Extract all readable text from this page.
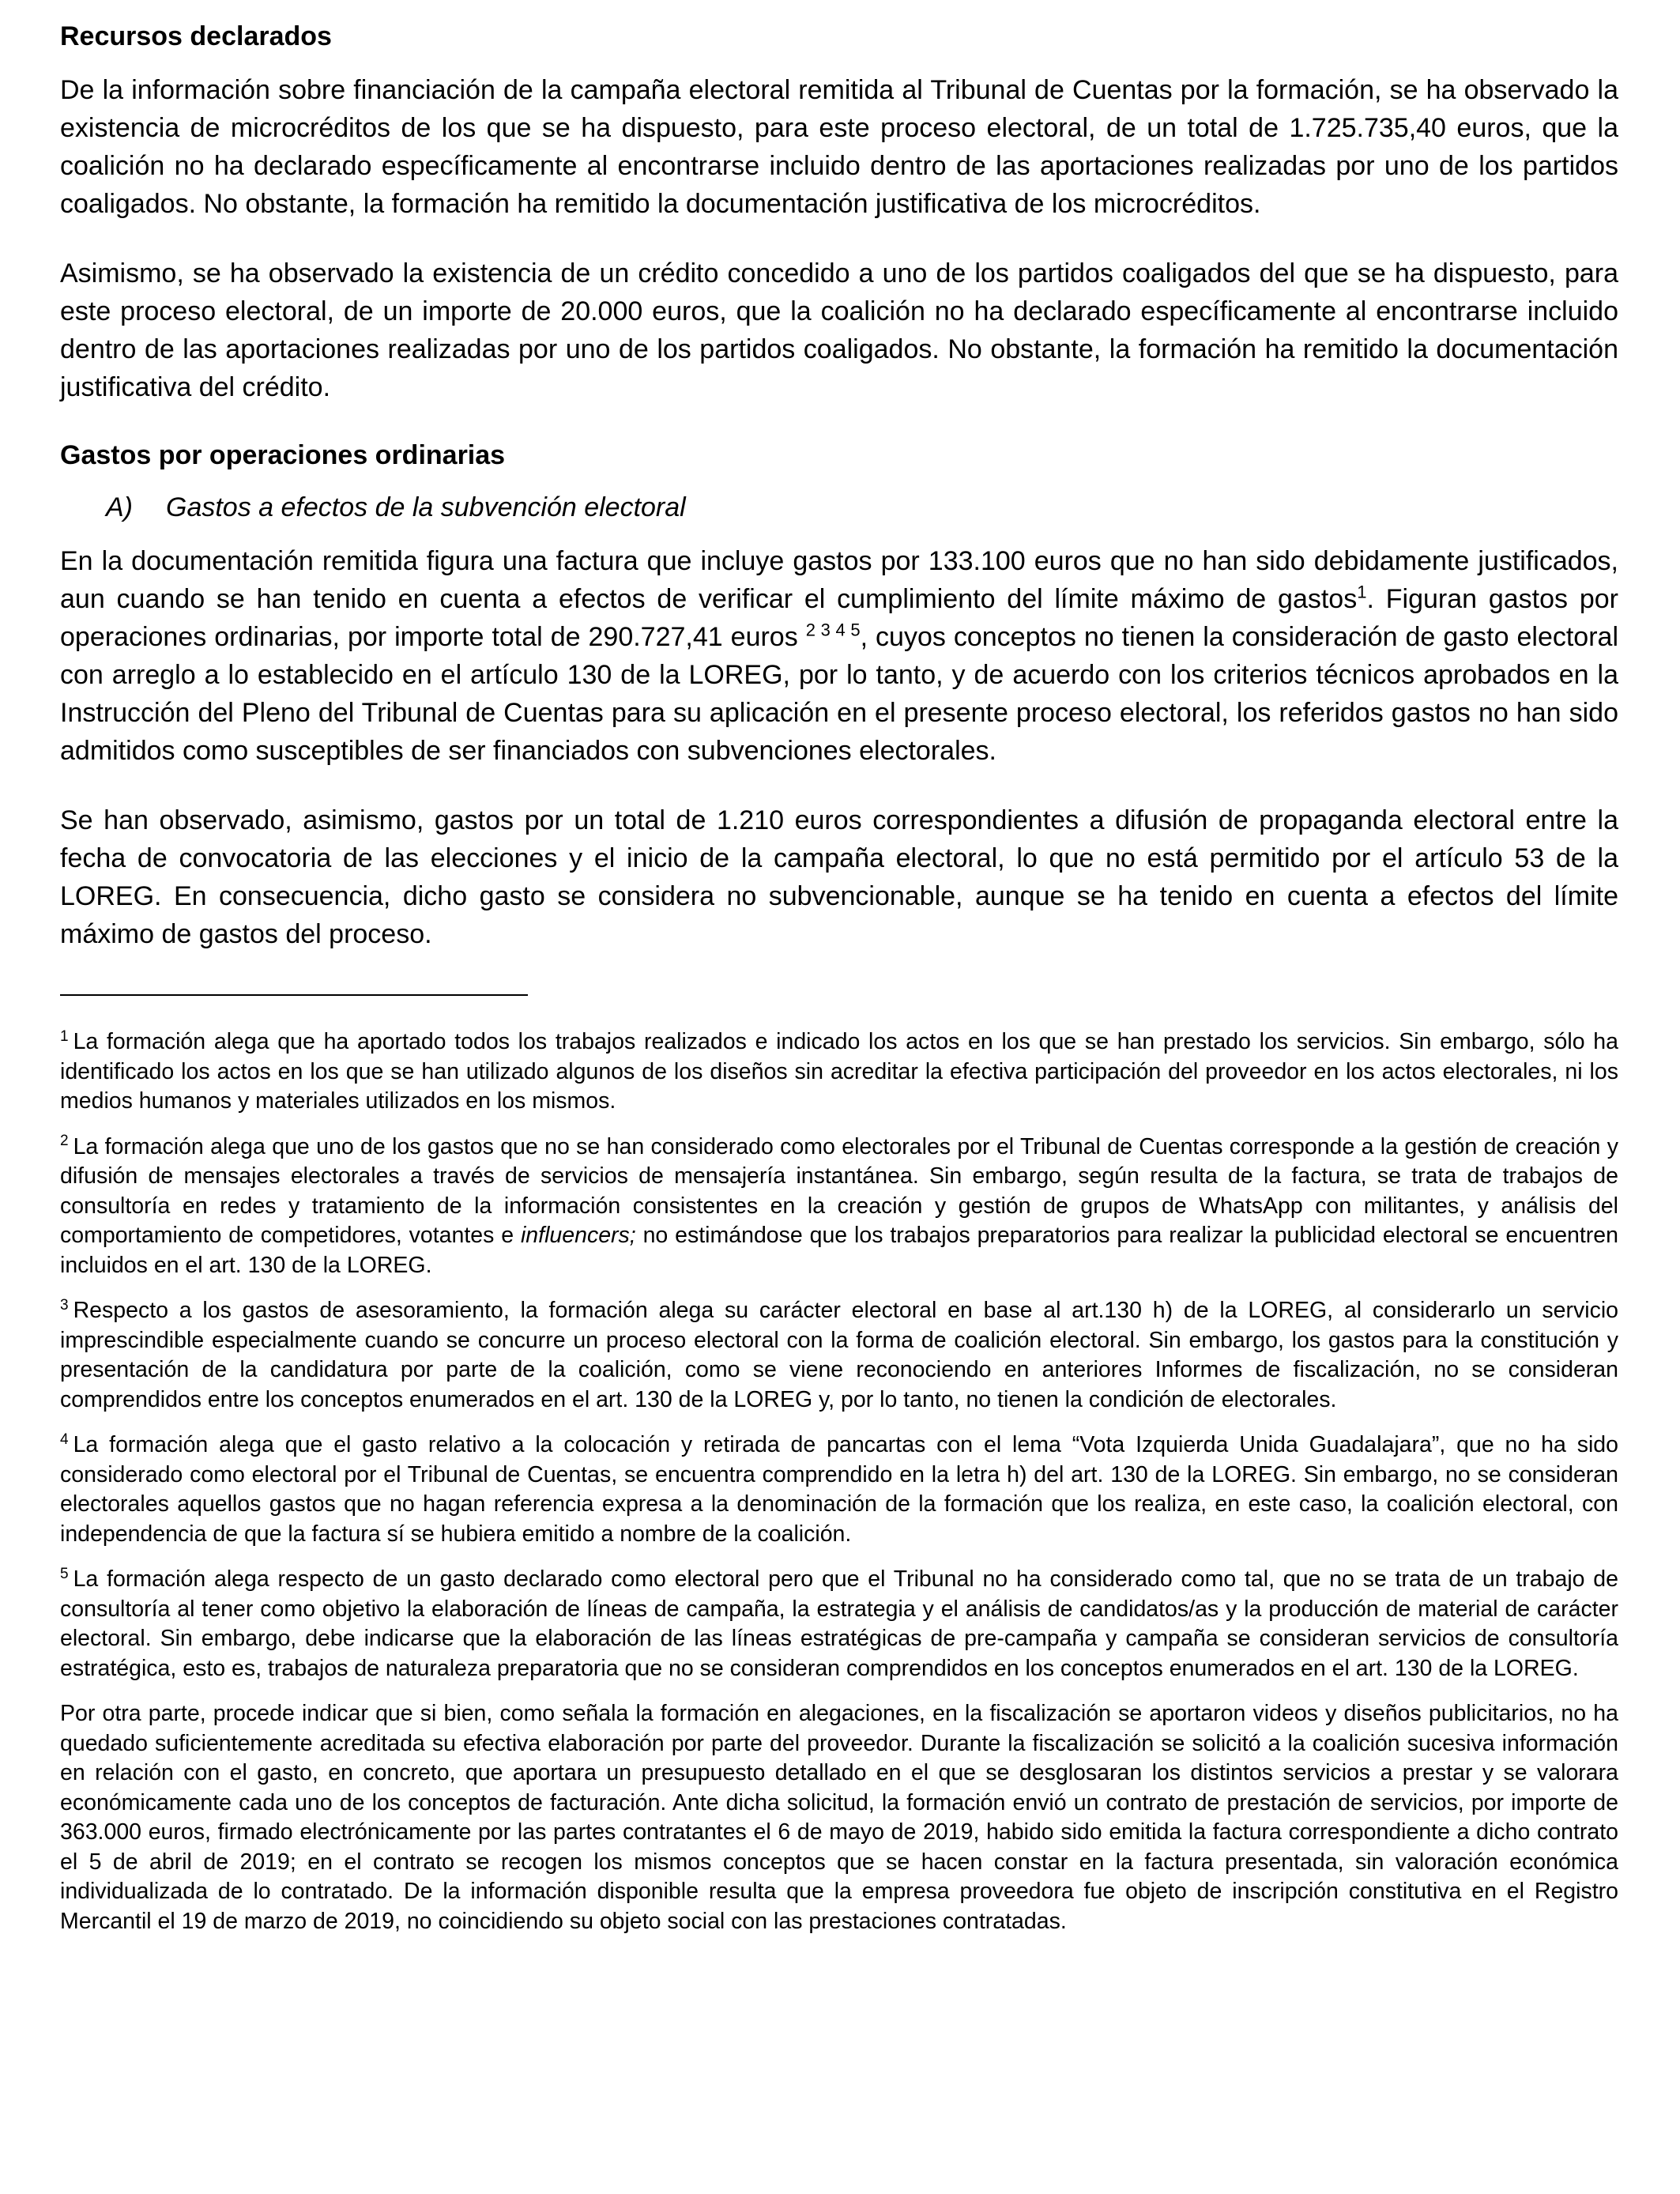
Recursos declarados

De la información sobre financiación de la campaña electoral remitida al Tribunal de Cuentas por la formación, se ha observado la existencia de microcréditos de los que se ha dispuesto, para este proceso electoral, de un total de 1.725.735,40 euros, que la coalición no ha declarado específicamente al encontrarse incluido dentro de las aportaciones realizadas por uno de los partidos coaligados. No obstante, la formación ha remitido la documentación justificativa de los microcréditos.

Asimismo, se ha observado la existencia de un crédito concedido a uno de los partidos coaligados del que se ha dispuesto, para este proceso electoral, de un importe de 20.000 euros, que la coalición no ha declarado específicamente al encontrarse incluido dentro de las aportaciones realizadas por uno de los partidos coaligados. No obstante, la formación ha remitido la documentación justificativa del crédito.

Gastos por operaciones ordinarias

A) Gastos a efectos de la subvención electoral

En la documentación remitida figura una factura que incluye gastos por 133.100 euros que no han sido debidamente justificados, aun cuando se han tenido en cuenta a efectos de verificar el cumplimiento del límite máximo de gastos$^1$. Figuran gastos por operaciones ordinarias, por importe total de 290.727,41 euros $^{2 3 4 5}$, cuyos conceptos no tienen la consideración de gasto electoral con arreglo a lo establecido en el artículo 130 de la LOREG, por lo tanto, y de acuerdo con los criterios técnicos aprobados en la Instrucción del Pleno del Tribunal de Cuentas para su aplicación en el presente proceso electoral, los referidos gastos no han sido admitidos como susceptibles de ser financiados con subvenciones electorales.

Se han observado, asimismo, gastos por un total de 1.210 euros correspondientes a difusión de propaganda electoral entre la fecha de convocatoria de las elecciones y el inicio de la campaña electoral, lo que no está permitido por el artículo 53 de la LOREG. En consecuencia, dicho gasto se considera no subvencionable, aunque se ha tenido en cuenta a efectos del límite máximo de gastos del proceso.

$^1$ La formación alega que ha aportado todos los trabajos realizados e indicado los actos en los que se han prestado los servicios. Sin embargo, sólo ha identificado los actos en los que se han utilizado algunos de los diseños sin acreditar la efectiva participación del proveedor en los actos electorales, ni los medios humanos y materiales utilizados en los mismos.

$^2$ La formación alega que uno de los gastos que no se han considerado como electorales por el Tribunal de Cuentas corresponde a la gestión de creación y difusión de mensajes electorales a través de servicios de mensajería instantánea. Sin embargo, según resulta de la factura, se trata de trabajos de consultoría en redes y tratamiento de la información consistentes en la creación y gestión de grupos de WhatsApp con militantes, y análisis del comportamiento de competidores, votantes e influencers; no estimándose que los trabajos preparatorios para realizar la publicidad electoral se encuentren incluidos en el art. 130 de la LOREG.

$^3$ Respecto a los gastos de asesoramiento, la formación alega su carácter electoral en base al art.130 h) de la LOREG, al considerarlo un servicio imprescindible especialmente cuando se concurre un proceso electoral con la forma de coalición electoral. Sin embargo, los gastos para la constitución y presentación de la candidatura por parte de la coalición, como se viene reconociendo en anteriores Informes de fiscalización, no se consideran comprendidos entre los conceptos enumerados en el art. 130 de la LOREG y, por lo tanto, no tienen la condición de electorales.

$^4$ La formación alega que el gasto relativo a la colocación y retirada de pancartas con el lema “Vota Izquierda Unida Guadalajara”, que no ha sido considerado como electoral por el Tribunal de Cuentas, se encuentra comprendido en la letra h) del art. 130 de la LOREG. Sin embargo, no se consideran electorales aquellos gastos que no hagan referencia expresa a la denominación de la formación que los realiza, en este caso, la coalición electoral, con independencia de que la factura sí se hubiera emitido a nombre de la coalición.

$^5$ La formación alega respecto de un gasto declarado como electoral pero que el Tribunal no ha considerado como tal, que no se trata de un trabajo de consultoría al tener como objetivo la elaboración de líneas de campaña, la estrategia y el análisis de candidatos/as y la producción de material de carácter electoral. Sin embargo, debe indicarse que la elaboración de las líneas estratégicas de pre-campaña y campaña se consideran servicios de consultoría estratégica, esto es, trabajos de naturaleza preparatoria que no se consideran comprendidos en los conceptos enumerados en el art. 130 de la LOREG.

Por otra parte, procede indicar que si bien, como señala la formación en alegaciones, en la fiscalización se aportaron videos y diseños publicitarios, no ha quedado suficientemente acreditada su efectiva elaboración por parte del proveedor. Durante la fiscalización se solicitó a la coalición sucesiva información en relación con el gasto, en concreto, que aportara un presupuesto detallado en el que se desglosaran los distintos servicios a prestar y se valorara económicamente cada uno de los conceptos de facturación. Ante dicha solicitud, la formación envió un contrato de prestación de servicios, por importe de 363.000 euros, firmado electrónicamente por las partes contratantes el 6 de mayo de 2019, habido sido emitida la factura correspondiente a dicho contrato el 5 de abril de 2019; en el contrato se recogen los mismos conceptos que se hacen constar en la factura presentada, sin valoración económica individualizada de lo contratado. De la información disponible resulta que la empresa proveedora fue objeto de inscripción constitutiva en el Registro Mercantil el 19 de marzo de 2019, no coincidiendo su objeto social con las prestaciones contratadas.
